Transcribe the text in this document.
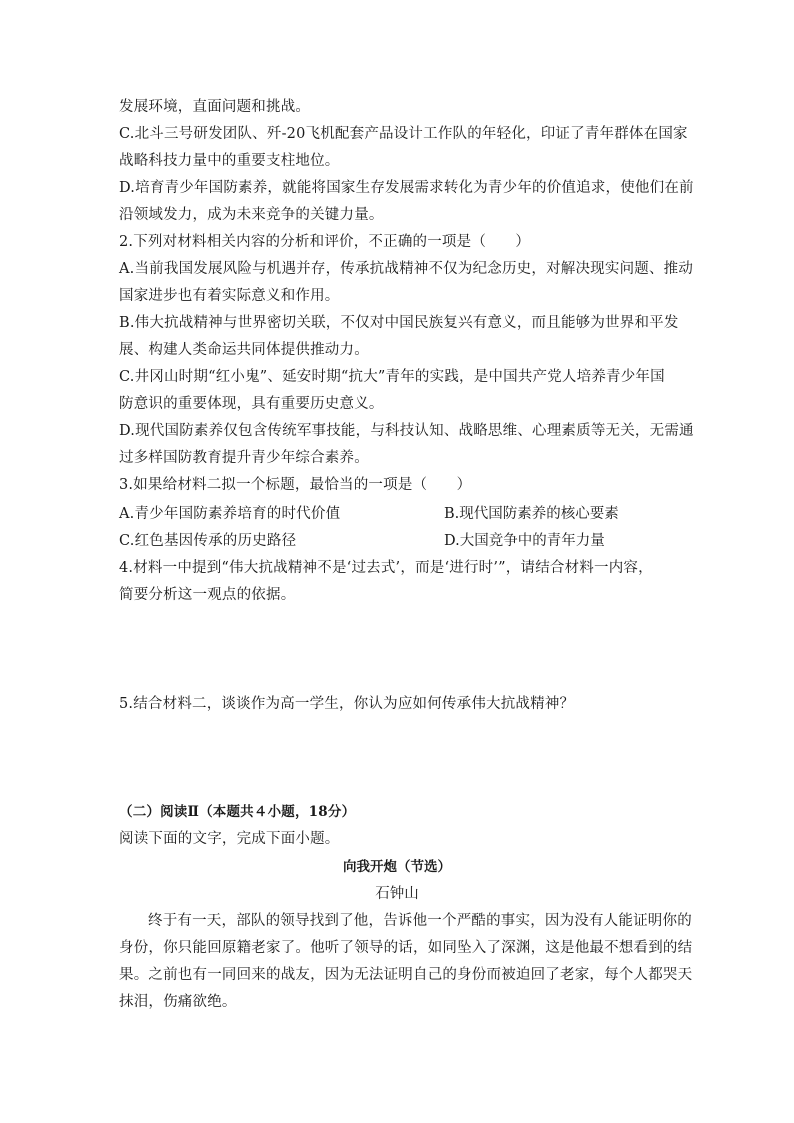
发展环境，直面问题和挑战。
C.北斗三号研发团队、歼-20飞机配套产品设计工作队的年轻化，印证了青年群体在国家
战略科技力量中的重要支柱地位。
D.培育青少年国防素养，就能将国家生存发展需求转化为青少年的价值追求，使他们在前
沿领域发力，成为未来竞争的关键力量。
2.下列对材料相关内容的分析和评价，不正确的一项是（　　）
A.当前我国发展风险与机遇并存，传承抗战精神不仅为纪念历史，对解决现实问题、推动
国家进步也有着实际意义和作用。
B.伟大抗战精神与世界密切关联，不仅对中国民族复兴有意义，而且能够为世界和平发
展、构建人类命运共同体提供推动力。
C.井冈山时期“红小鬼”、延安时期“抗大”青年的实践，是中国共产党人培养青少年国
防意识的重要体现，具有重要历史意义。
D.现代国防素养仅包含传统军事技能，与科技认知、战略思维、心理素质等无关，无需通
过多样国防教育提升青少年综合素养。
3.如果给材料二拟一个标题，最恰当的一项是（　　）
A.青少年国防素养培育的时代价值	B.现代国防素养的核心要素
C.红色基因传承的历史路径	D.大国竞争中的青年力量
4.材料一中提到“伟大抗战精神不是‘过去式’，而是‘进行时’”，请结合材料一内容，
简要分析这一观点的依据。
5.结合材料二，谈谈作为高一学生，你认为应如何传承伟大抗战精神？
（二）阅读Ⅱ（本题共４小题，18分）
阅读下面的文字，完成下面小题。
向我开炮（节选）
石钟山
终于有一天，部队的领导找到了他，告诉他一个严酷的事实，因为没有人能证明你的
身份，你只能回原籍老家了。他听了领导的话，如同坠入了深渊，这是他最不想看到的结
果。之前也有一同回来的战友，因为无法证明自己的身份而被迫回了老家，每个人都哭天
抹泪，伤痛欲绝。
